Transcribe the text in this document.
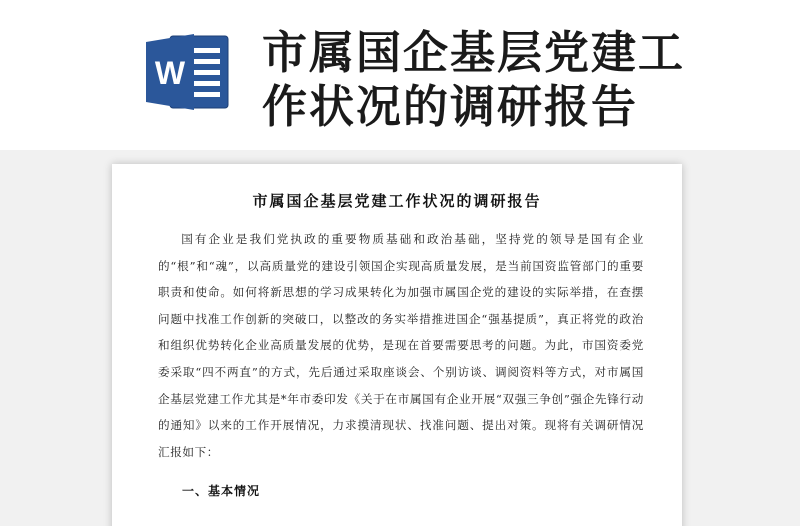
W 市属国企基层党建工作状况的调研报告
市属国企基层党建工作状况的调研报告

国有企业是我们党执政的重要物质基础和政治基础，坚持党的领导是国有企业的“根”和“魂”，以高质量党的建设引领国企实现高质量发展，是当前国资监管部门的重要职责和使命。如何将新思想的学习成果转化为加强市属国企党的建设的实际举措，在查摆问题中找准工作创新的突破口，以整改的务实举措推进国企“强基提质”，真正将党的政治和组织优势转化企业高质量发展的优势，是现在首要需要思考的问题。为此，市国资委党委采取“四不两直”的方式，先后通过采取座谈会、个别访谈、调阅资料等方式，对市属国企基层党建工作尤其是*年市委印发《关于在市属国有企业开展“双强三争创”强企先锋行动的通知》以来的工作开展情况，力求摸清现状、找准问题、提出对策。现将有关调研情况汇报如下：

一、基本情况
